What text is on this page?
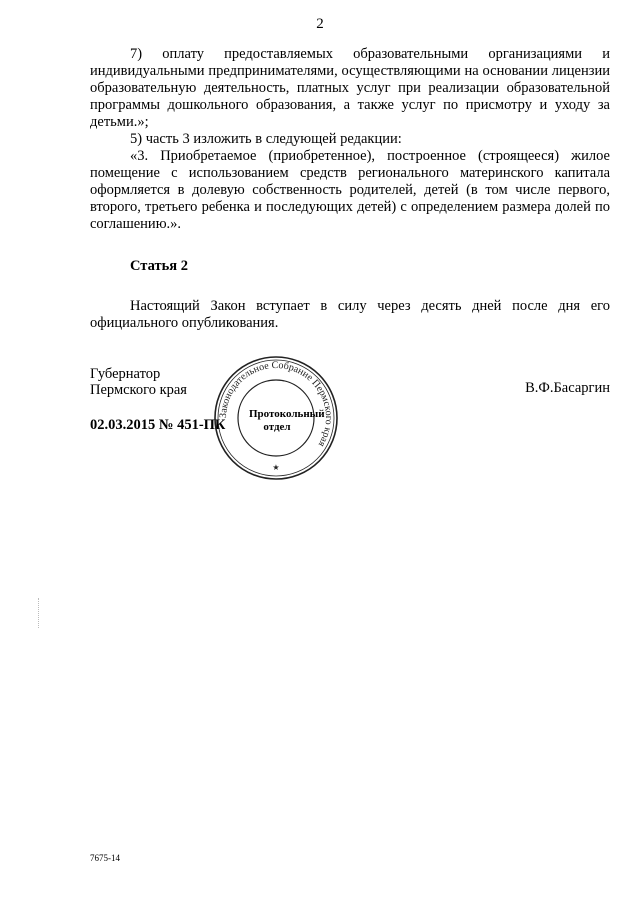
2

7) оплату предоставляемых образовательными организациями и индивидуальными предпринимателями, осуществляющими на основании лицензии образовательную деятельность, платных услуг при реализации образовательной программы дошкольного образования, а также услуг по присмотру и уходу за детьми.»;

5) часть 3 изложить в следующей редакции:

«3. Приобретаемое (приобретенное), построенное (строящееся) жилое помещение с использованием средств регионального материнского капитала оформляется в долевую собственность родителей, детей (в том числе первого, второго, третьего ребенка и последующих детей) с определением размера долей по соглашению.».

Статья 2

Настоящий Закон вступает в силу через десять дней после дня его официального опубликования.

Губернатор
Пермского края	В.Ф.Басаргин
02.03.2015 № 451-ПК
Законодательное Собрание Пермского края
★
Протокольный
отдел
7675-14
